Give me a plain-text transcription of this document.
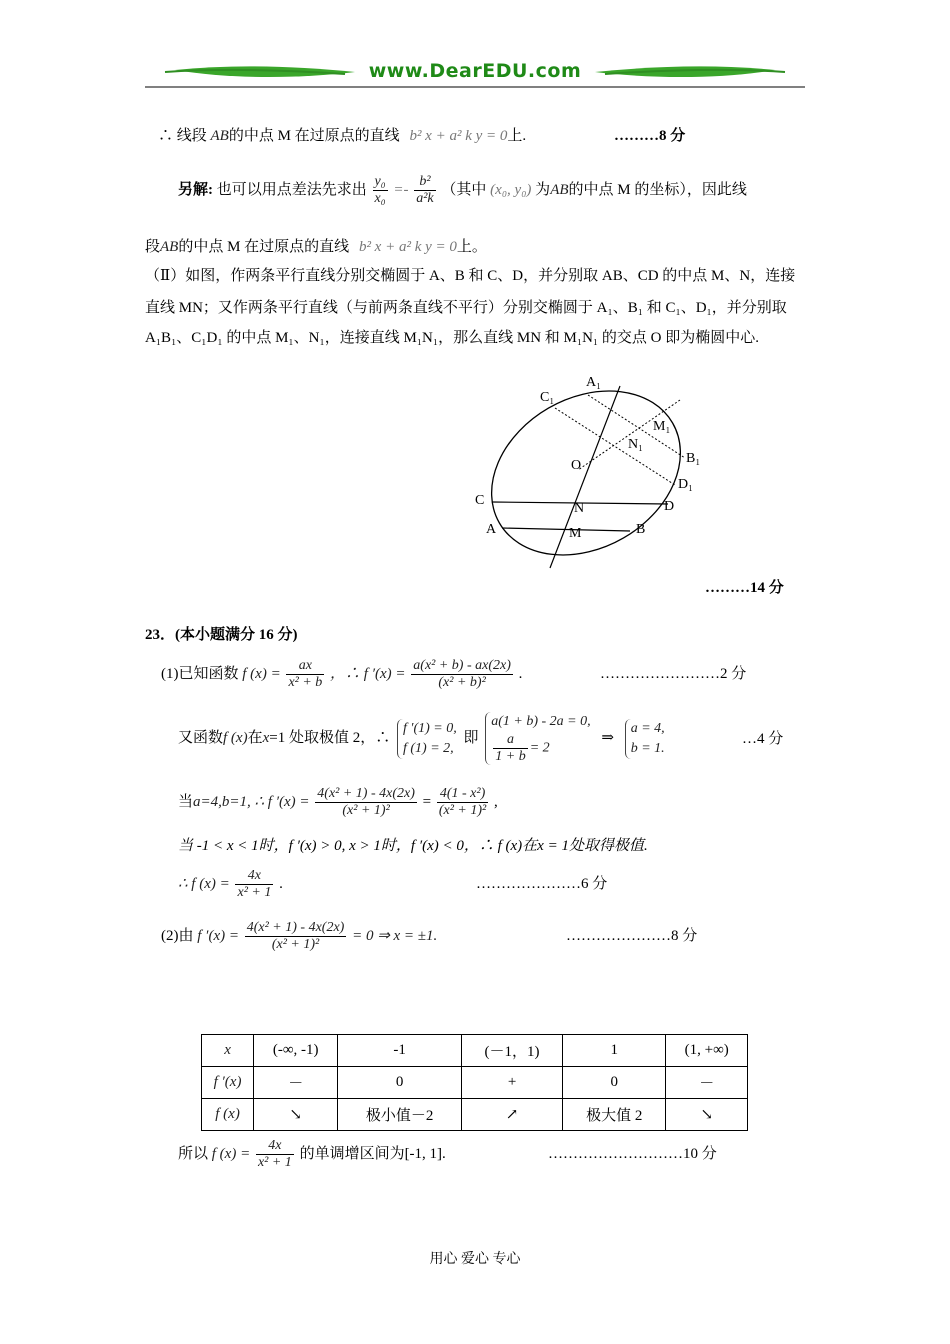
www.DearEDU.com
∴ 线段 AB的中点 M 在过原点的直线 b² x + a² k y = 0上.	………8 分
另解: 也可以用点差法先求出 $\frac{\text{y₀}}{\text{x₀}} =- \frac{\text{b²}}{\text{a²k}}$ （其中 (x₀, y₀) 为AB的中点 M 的坐标），因此线
段AB的中点 M 在过原点的直线 b² x + a² k y = 0上。
（Ⅱ）如图，作两条平行直线分别交椭圆于 A、B 和 C、D，并分别取 AB、CD 的中点 M、N，连接
直线 MN；又作两条平行直线（与前两条直线不平行）分别交椭圆于 A₁、B₁ 和 C₁、D₁，并分别取
A₁B₁、C₁D₁ 的中点 M₁、N₁，连接直线 M₁N₁，那么直线 MN 和 M₁N₁ 的交点 O 即为椭圆中心.
A₁
C₁
M₁
N₁
B₁
O
D₁
C	D
N
A	M	B
………14 分
23．(本小题满分 16 分)
(1)已知函数 f $(x) = \frac{ax}{\text{x² + b}}$ ，∴ f $'(x) = \frac{\text{a(x² + b) - ax(2x)}}{\text{(x² + b)²}}$ .	……………………2 分
又函数f (x)在x=1 处取极值 2，∴
f ′(1) = 0,
f (1) = 2,
即
a(1 + b) - 2a = 0,
$\frac{a}{1 + b} = 2$
⇒
a = 4,
b = 1.
…4 分
当a=4,b=1, ∴ f $'(x) = \frac{\text{4(x² + 1) - 4x(2x)}}{\text{(x² + 1)²}} = \frac{\text{4(1 - x²)}}{\text{(x² + 1)²}}$ ,
当 -1 < x < 1时，f ′(x) > 0, x > 1时，f ′(x) < 0，∴ f (x)在x = 1处取得极值.
∴ f $(x) = \frac{4x}{\text{x² + 1}}$ .	…………………6 分
(2)由 f $'(x) = \frac{\text{4(x² + 1) - 4x(2x)}}{\text{(x² + 1)²}} = 0$ ⇒ x = ±1.	…………………8 分
x	(-∞, -1)	-1	(－1，1)	1	(1, +∞)
f ′(x)	－	0	+	0	－
f (x)	↘	极小值－2	↗	极大值 2	↘
所以 f $(x) = \frac{4x}{\text{x² + 1}}$ 的单调增区间为[-1, 1].	………………………10 分
用心 爱心 专心
